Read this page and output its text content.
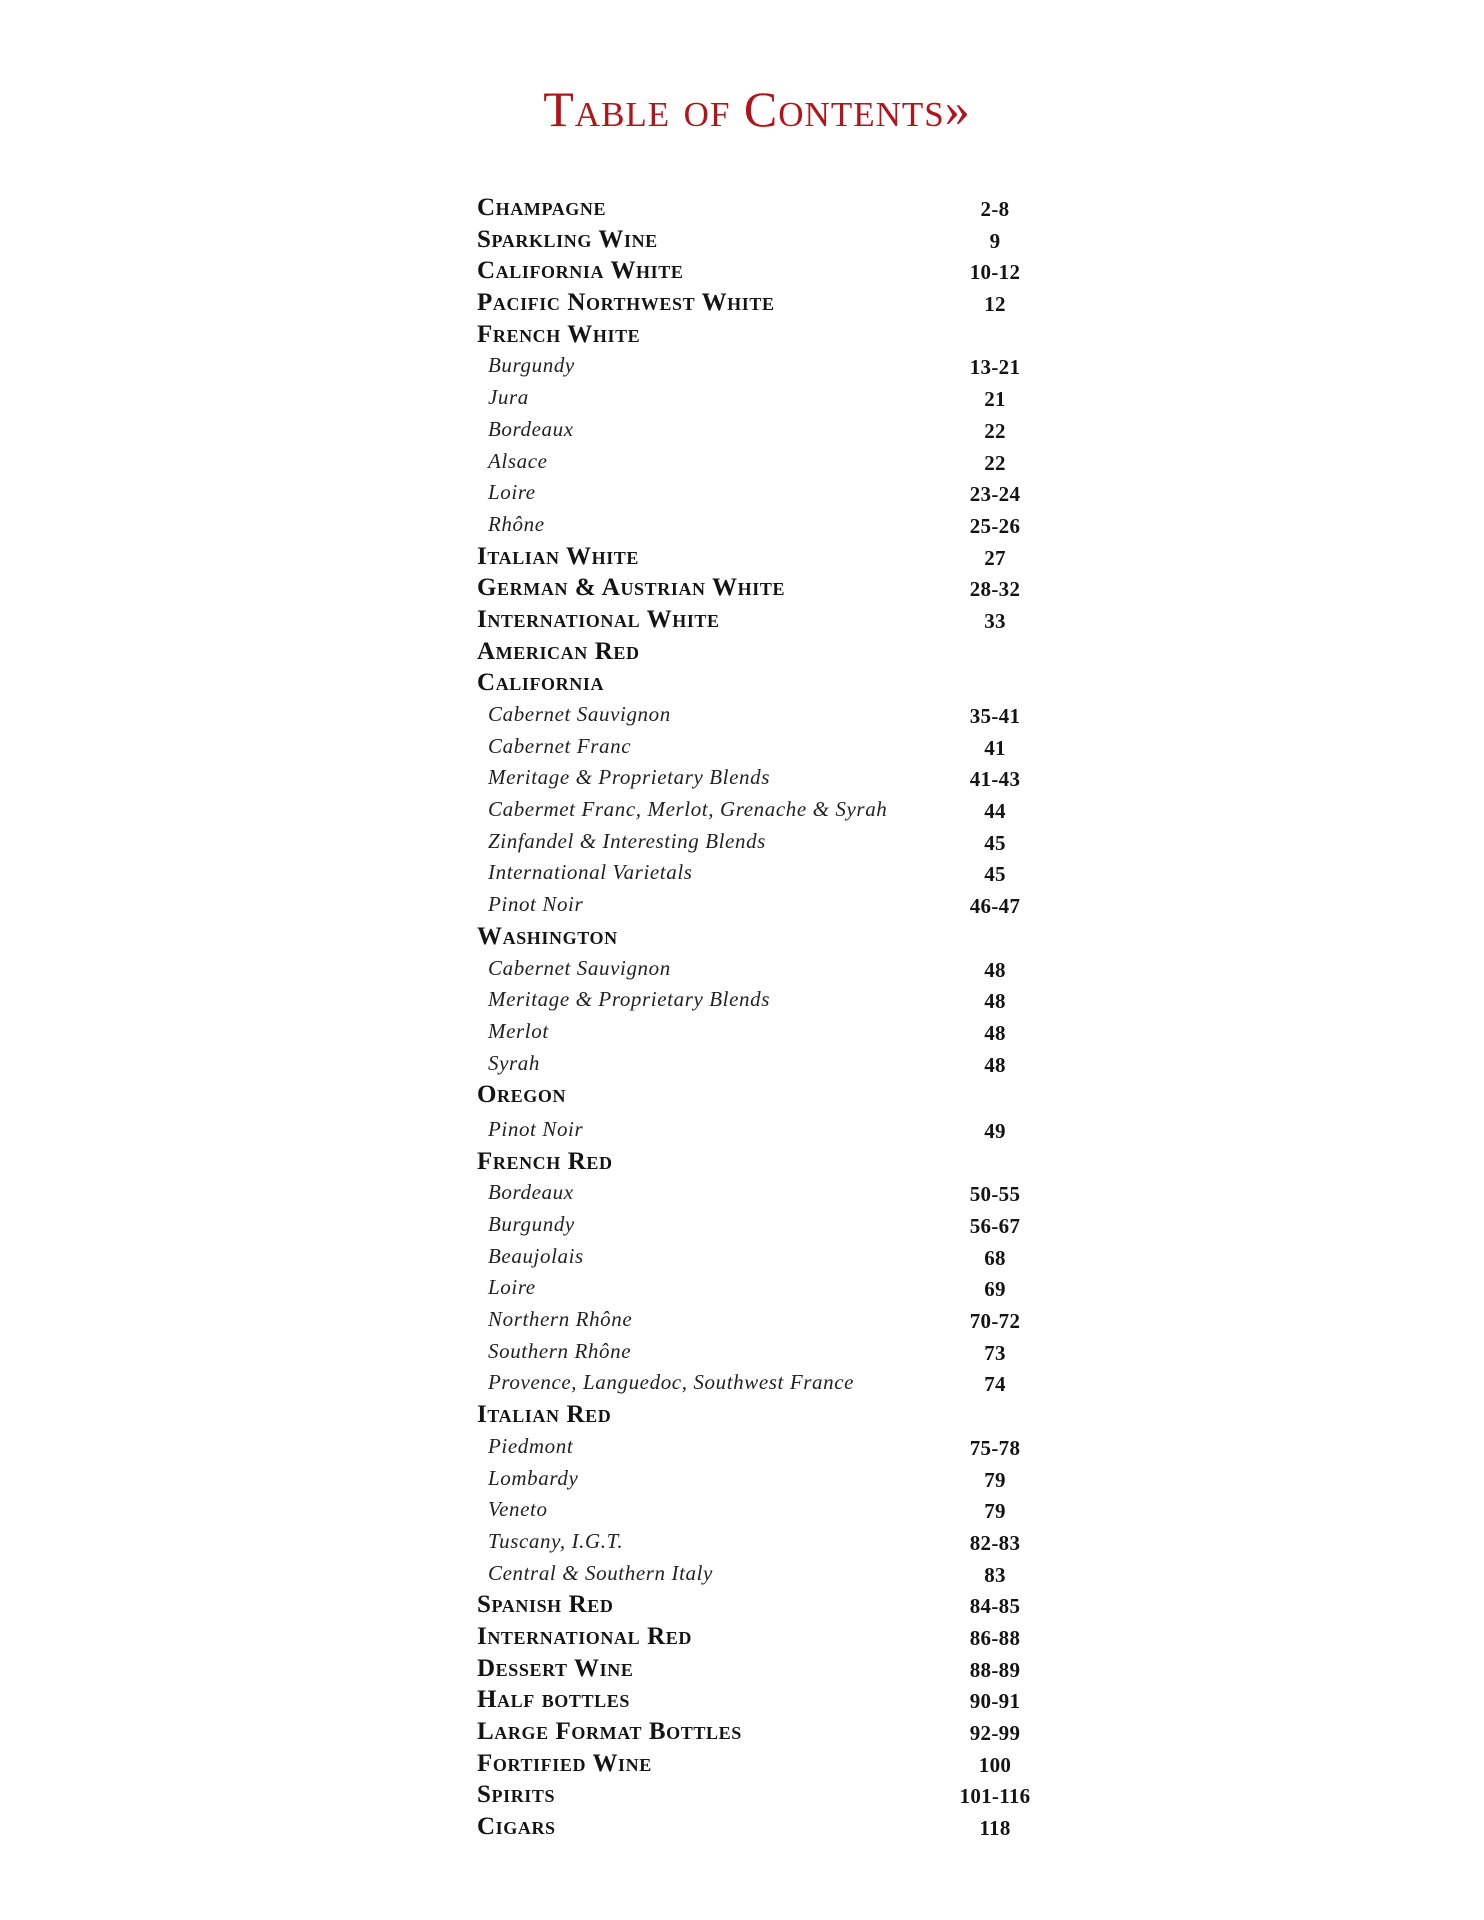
Table of Contents»
Champagne	2-8
Sparkling Wine	9
California White	10-12
Pacific Northwest White	12
French White
Burgundy	13-21
Jura	21
Bordeaux	22
Alsace	22
Loire	23-24
Rhône	25-26
Italian White	27
German & Austrian White	28-32
International White	33
American Red
California
Cabernet Sauvignon	35-41
Cabernet Franc	41
Meritage & Proprietary Blends	41-43
Cabermet Franc, Merlot, Grenache & Syrah	44
Zinfandel & Interesting Blends	45
International Varietals	45
Pinot Noir	46-47
Washington
Cabernet Sauvignon	48
Meritage & Proprietary Blends	48
Merlot	48
Syrah	48
Oregon
Pinot Noir	49
French Red
Bordeaux	50-55
Burgundy	56-67
Beaujolais	68
Loire	69
Northern Rhône	70-72
Southern Rhône	73
Provence, Languedoc, Southwest France	74
Italian Red
Piedmont	75-78
Lombardy	79
Veneto	79
Tuscany, I.G.T.	82-83
Central & Southern Italy	83
Spanish Red	84-85
International Red	86-88
Dessert Wine	88-89
Half bottles	90-91
Large Format Bottles	92-99
Fortified Wine	100
Spirits	101-116
Cigars	118
